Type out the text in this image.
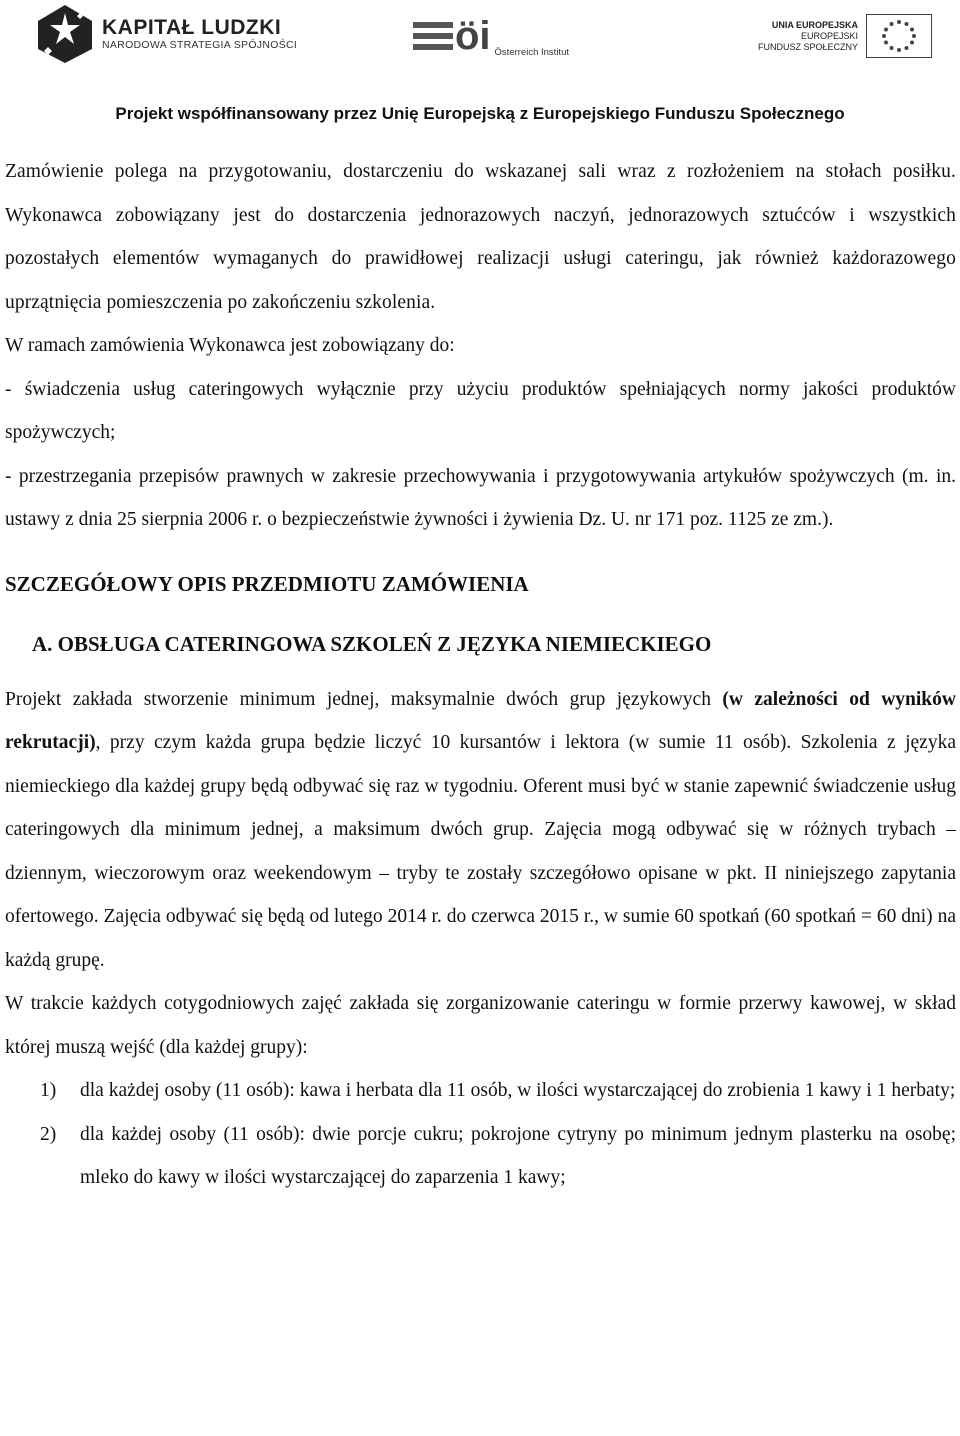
KAPITAŁ LUDZKI
NARODOWA STRATEGIA SPÓJNOŚCI	öi Österreich Institut
UNIA EUROPEJSKA
EUROPEJSKI
FUNDUSZ SPOŁECZNY
Projekt współfinansowany przez Unię Europejską z Europejskiego Funduszu Społecznego

Zamówienie polega na przygotowaniu, dostarczeniu do wskazanej sali wraz z rozłożeniem na stołach posiłku. Wykonawca zobowiązany jest do dostarczenia jednorazowych naczyń, jednorazowych sztućców i wszystkich pozostałych elementów wymaganych do prawidłowej realizacji usługi cateringu, jak również każdorazowego uprzątnięcia pomieszczenia po zakończeniu szkolenia.

W ramach zamówienia Wykonawca jest zobowiązany do:

- świadczenia usług cateringowych wyłącznie przy użyciu produktów spełniających normy jakości produktów spożywczych;

- przestrzegania przepisów prawnych w zakresie przechowywania i przygotowywania artykułów spożywczych (m. in. ustawy z dnia 25 sierpnia 2006 r. o bezpieczeństwie żywności i żywienia Dz. U. nr 171 poz. 1125 ze zm.).

SZCZEGÓŁOWY OPIS PRZEDMIOTU ZAMÓWIENIA
A. OBSŁUGA CATERINGOWA SZKOLEŃ Z JĘZYKA NIEMIECKIEGO

Projekt zakłada stworzenie minimum jednej, maksymalnie dwóch grup językowych (w zależności od wyników rekrutacji), przy czym każda grupa będzie liczyć 10 kursantów i lektora (w sumie 11 osób). Szkolenia z języka niemieckiego dla każdej grupy będą odbywać się raz w tygodniu. Oferent musi być w stanie zapewnić świadczenie usług cateringowych dla minimum jednej, a maksimum dwóch grup. Zajęcia mogą odbywać się w różnych trybach – dziennym, wieczorowym oraz weekendowym – tryby te zostały szczegółowo opisane w pkt. II niniejszego zapytania ofertowego. Zajęcia odbywać się będą od lutego 2014 r. do czerwca 2015 r., w sumie 60 spotkań (60 spotkań = 60 dni) na każdą grupę.

W trakcie każdych cotygodniowych zajęć zakłada się zorganizowanie cateringu w formie przerwy kawowej, w skład której muszą wejść (dla każdej grupy):

1)	dla każdej osoby (11 osób): kawa i herbata dla 11 osób, w ilości wystarczającej do zrobienia 1 kawy i 1 herbaty;
2)	dla każdej osoby (11 osób): dwie porcje cukru; pokrojone cytryny po minimum jednym plasterku na osobę; mleko do kawy w ilości wystarczającej do zaparzenia 1 kawy;
